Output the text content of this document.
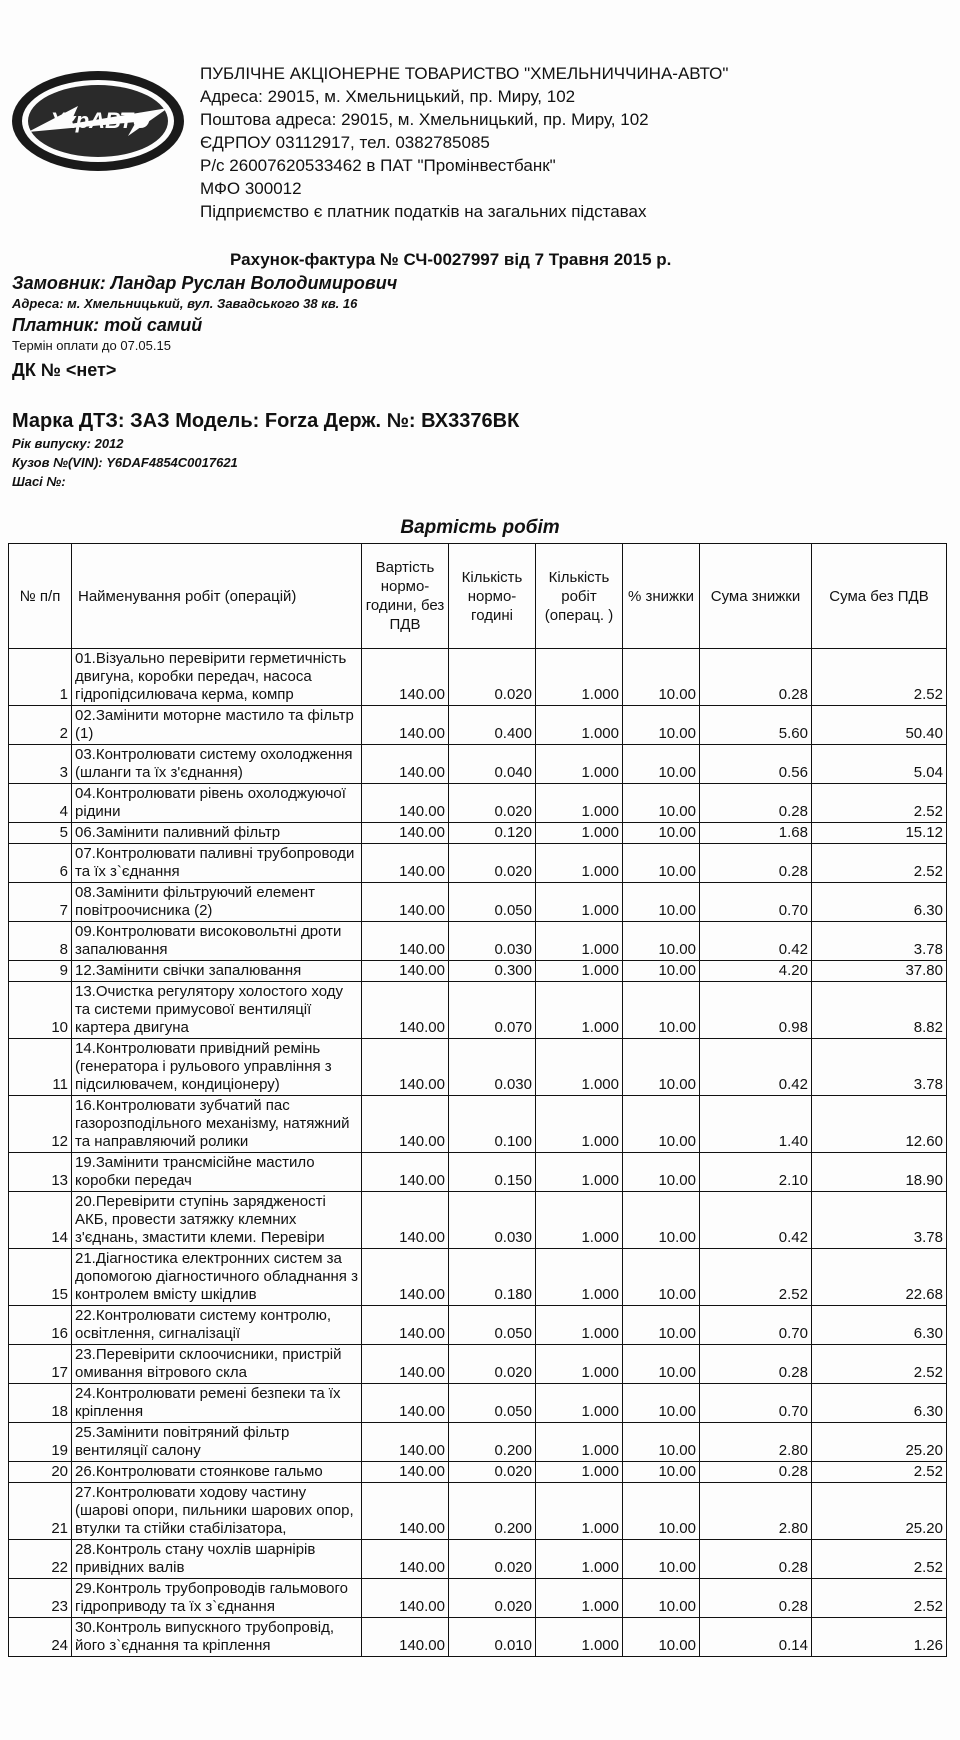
УкрАВТО
ПУБЛІЧНЕ АКЦІОНЕРНЕ ТОВАРИСТВО "ХМЕЛЬНИЧЧИНА-АВТО"
Адреса: 29015, м. Хмельницький, пр. Миру, 102
Поштова адреса: 29015, м. Хмельницький, пр. Миру, 102
ЄДРПОУ 03112917, тел. 0382785085
Р/с 26007620533462 в ПАТ "Промінвестбанк"
МФО 300012
Підприємство є платник податків на загальних підставах
Рахунок-фактура № СЧ-0027997 від 7 Травня 2015 р.
Замовник: Ландар Руслан Володимирович
Адреса: м. Хмельницький, вул. Завадського 38 кв. 16
Платник: той самий
Термін оплати до 07.05.15
ДК № <нет>
Марка ДТЗ: ЗАЗ Модель: Forza Держ. №: ВХ3376ВК
Рік випуску: 2012
Кузов №(VIN): Y6DAF4854C0017621
Шасі №:
Вартість робіт
№ п/п	Найменування робіт (операцій)	Вартість нормо-години, без ПДВ	Кількість нормо-годинi	Кількість робіт (операц. )	% знижки	Сума знижки	Сума без ПДВ
1	01.Візуально перевірити герметичність двигуна, коробки передач, насоса гідропідсилювача керма, компр	140.00	0.020	1.000	10.00	0.28	2.52
2	02.Замінити моторне мастило та фільтр (1)	140.00	0.400	1.000	10.00	5.60	50.40
3	03.Контролювати систему охолодження (шланги та їх з'єднання)	140.00	0.040	1.000	10.00	0.56	5.04
4	04.Контролювати рівень охолоджуючої рідини	140.00	0.020	1.000	10.00	0.28	2.52
5	06.Замінити паливний фільтр	140.00	0.120	1.000	10.00	1.68	15.12
6	07.Контролювати паливні трубопроводи та їх з`єднання	140.00	0.020	1.000	10.00	0.28	2.52
7	08.Замінити фільтруючий елемент повітроочисника (2)	140.00	0.050	1.000	10.00	0.70	6.30
8	09.Контролювати високовольтні дроти запалювання	140.00	0.030	1.000	10.00	0.42	3.78
9	12.Замінити свічки запалювання	140.00	0.300	1.000	10.00	4.20	37.80
10	13.Очистка регулятору холостого ходу та системи примусової вентиляції картера двигуна	140.00	0.070	1.000	10.00	0.98	8.82
11	14.Контролювати привідний ремінь (генератора і рульового управління з підсилювачем, кондиціонеру)	140.00	0.030	1.000	10.00	0.42	3.78
12	16.Контролювати зубчатий пас газорозподільного механізму, натяжний та направляючий ролики	140.00	0.100	1.000	10.00	1.40	12.60
13	19.Замінити трансмісійне мастило коробки передач	140.00	0.150	1.000	10.00	2.10	18.90
14	20.Перевірити ступінь зарядженості АКБ, провести затяжку клемних з'єднань, змастити клеми. Перевіри	140.00	0.030	1.000	10.00	0.42	3.78
15	21.Діагностика електронних систем за допомогою діагностичного обладнання з контролем вмісту шкідлив	140.00	0.180	1.000	10.00	2.52	22.68
16	22.Контролювати систему контролю, освітлення, сигналізації	140.00	0.050	1.000	10.00	0.70	6.30
17	23.Перевірити склоочисники, пристрій омивання вітрового скла	140.00	0.020	1.000	10.00	0.28	2.52
18	24.Контролювати ремені безпеки та їх кріплення	140.00	0.050	1.000	10.00	0.70	6.30
19	25.Замінити повітряний фільтр вентиляції салону	140.00	0.200	1.000	10.00	2.80	25.20
20	26.Контролювати стоянкове гальмо	140.00	0.020	1.000	10.00	0.28	2.52
21	27.Контролювати ходову частину (шарові опори, пильники шарових опор, втулки та стійки стабілізатора,	140.00	0.200	1.000	10.00	2.80	25.20
22	28.Контроль стану чохлів шарнірів привідних валів	140.00	0.020	1.000	10.00	0.28	2.52
23	29.Контроль трубопроводів гальмового гідроприводу та їх з`єднання	140.00	0.020	1.000	10.00	0.28	2.52
24	30.Контроль випускного трубопровід, його з`єднання та кріплення	140.00	0.010	1.000	10.00	0.14	1.26
